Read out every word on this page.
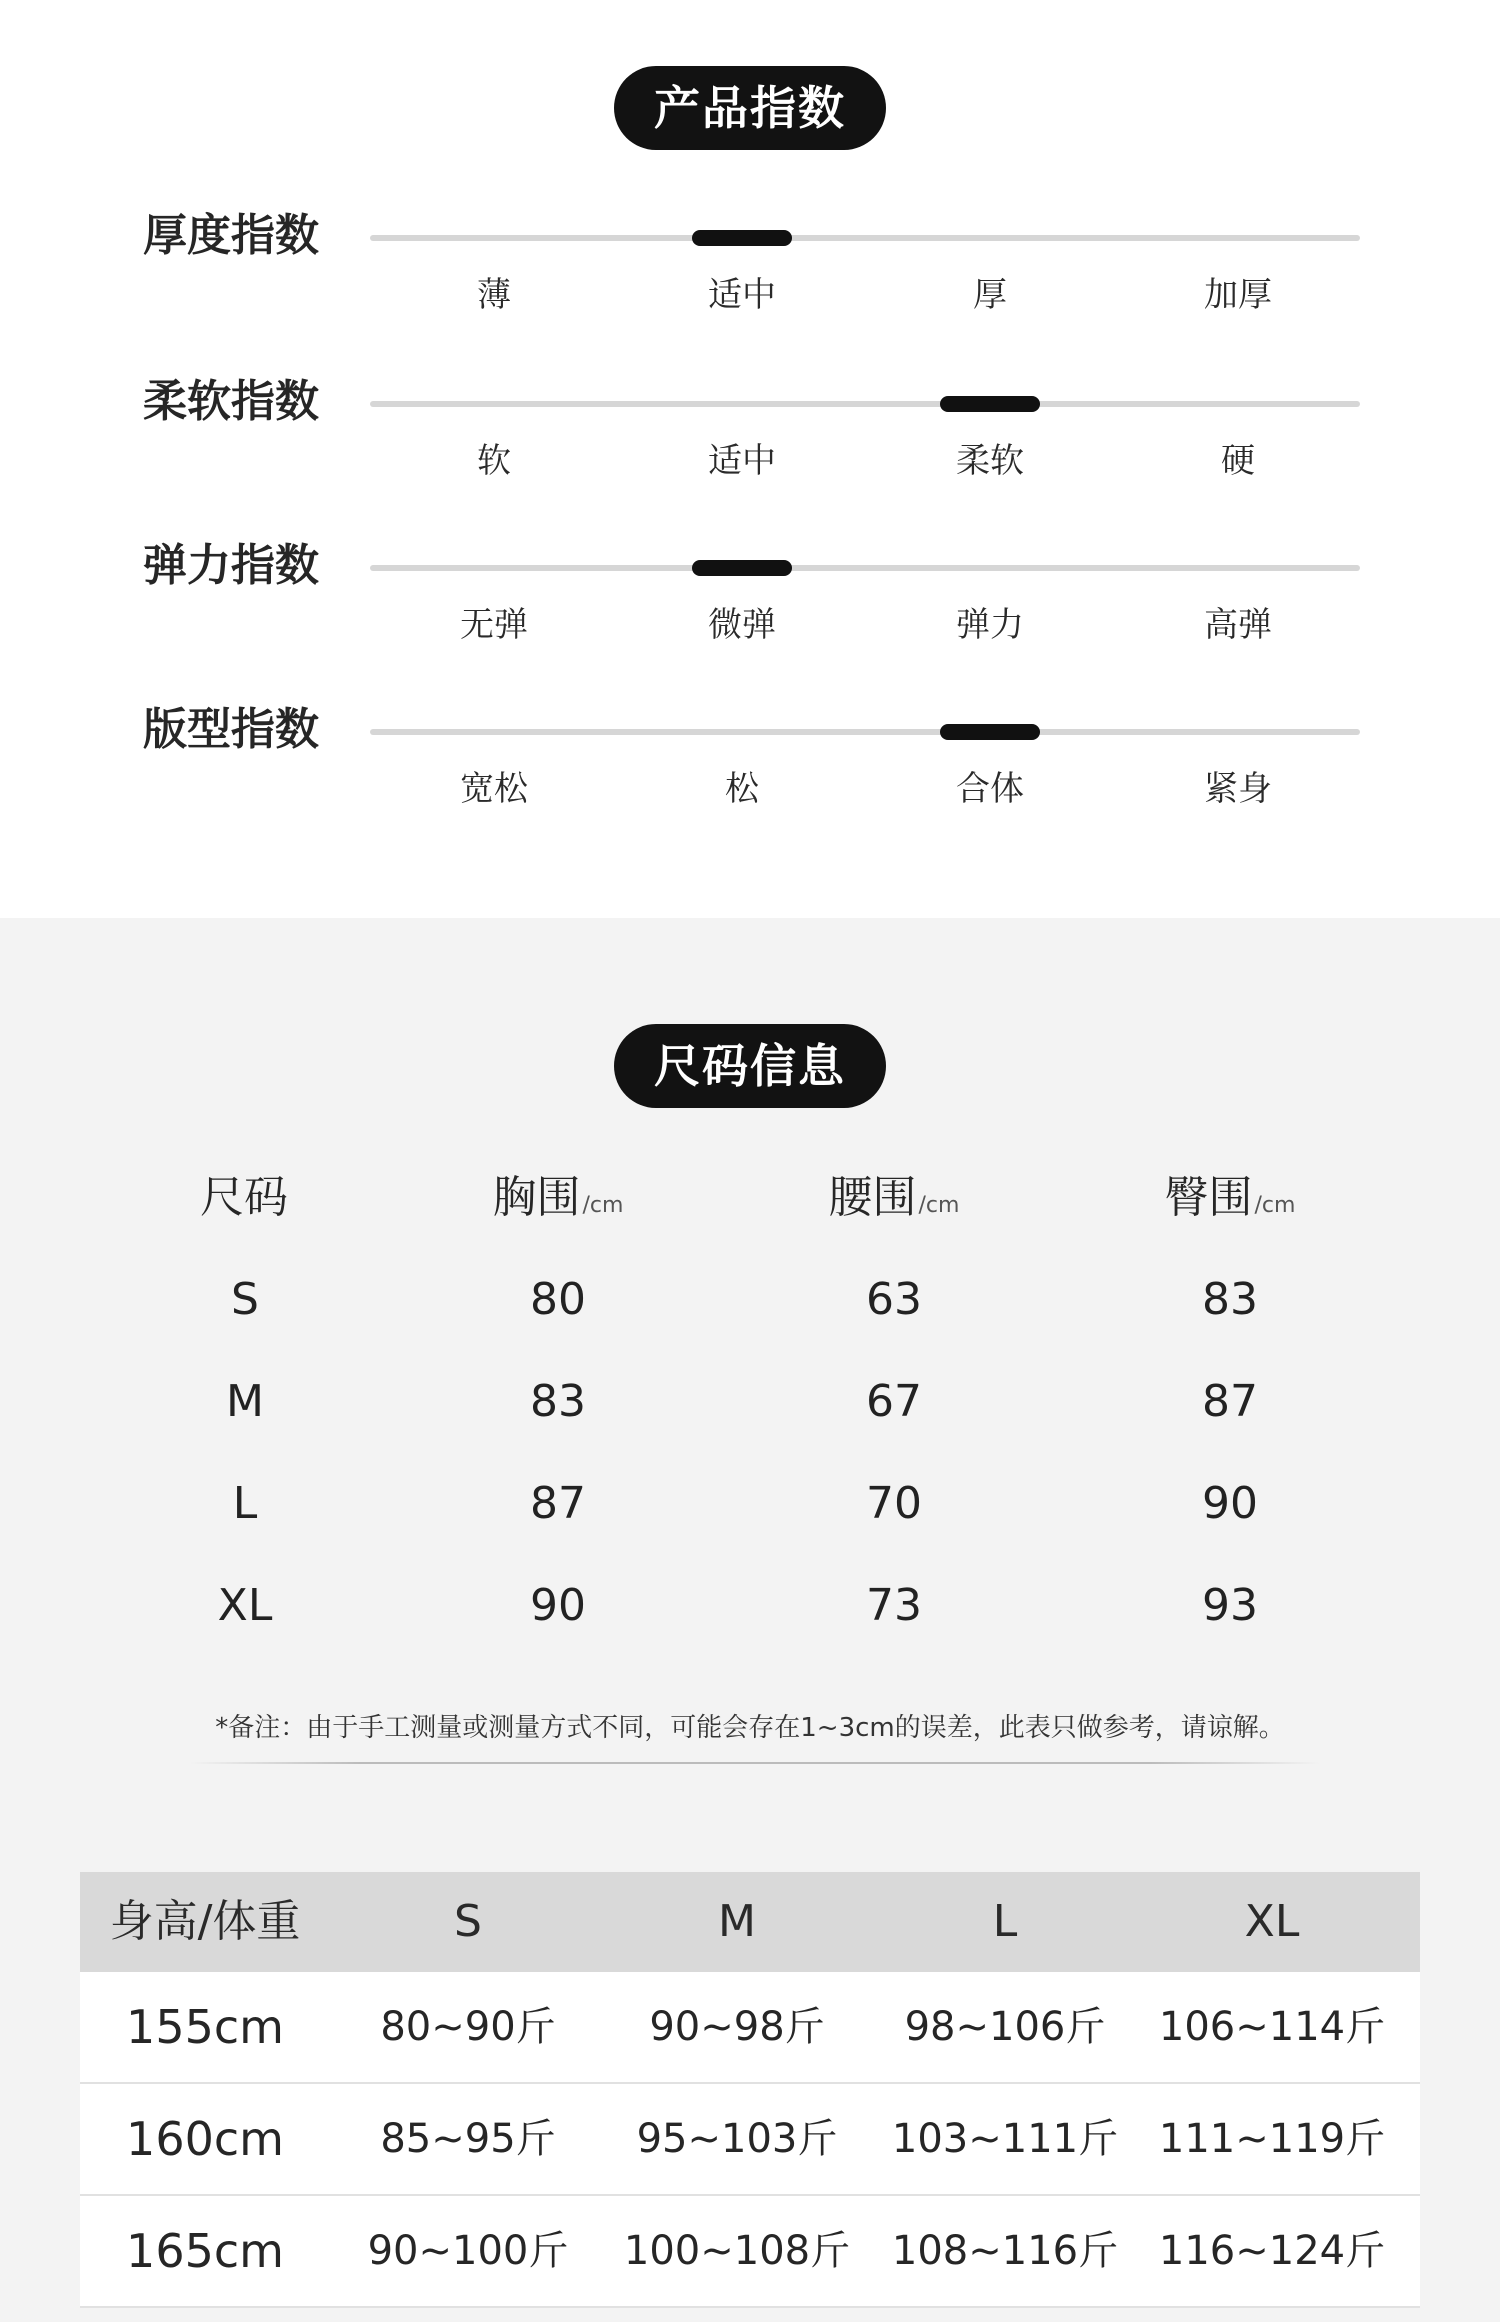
产品指数
厚度指数
薄	适中	厚	加厚
柔软指数
软	适中	柔软	硬
弹力指数
无弹	微弹	弹力	高弹
版型指数
宽松	松	合体	紧身
尺码信息
尺码	胸围/cm	腰围/cm	臀围/cm
S	80	63	83
M	83	67	87
L	87	70	90
XL	90	73	93
*备注：由于手工测量或测量方式不同，可能会存在1~3cm的误差，此表只做参考，请谅解。
身高/体重	S	M	L	XL
155cm	80~90斤	90~98斤	98~106斤	106~114斤
160cm	85~95斤	95~103斤	103~111斤	111~119斤
165cm	90~100斤	100~108斤	108~116斤	116~124斤
